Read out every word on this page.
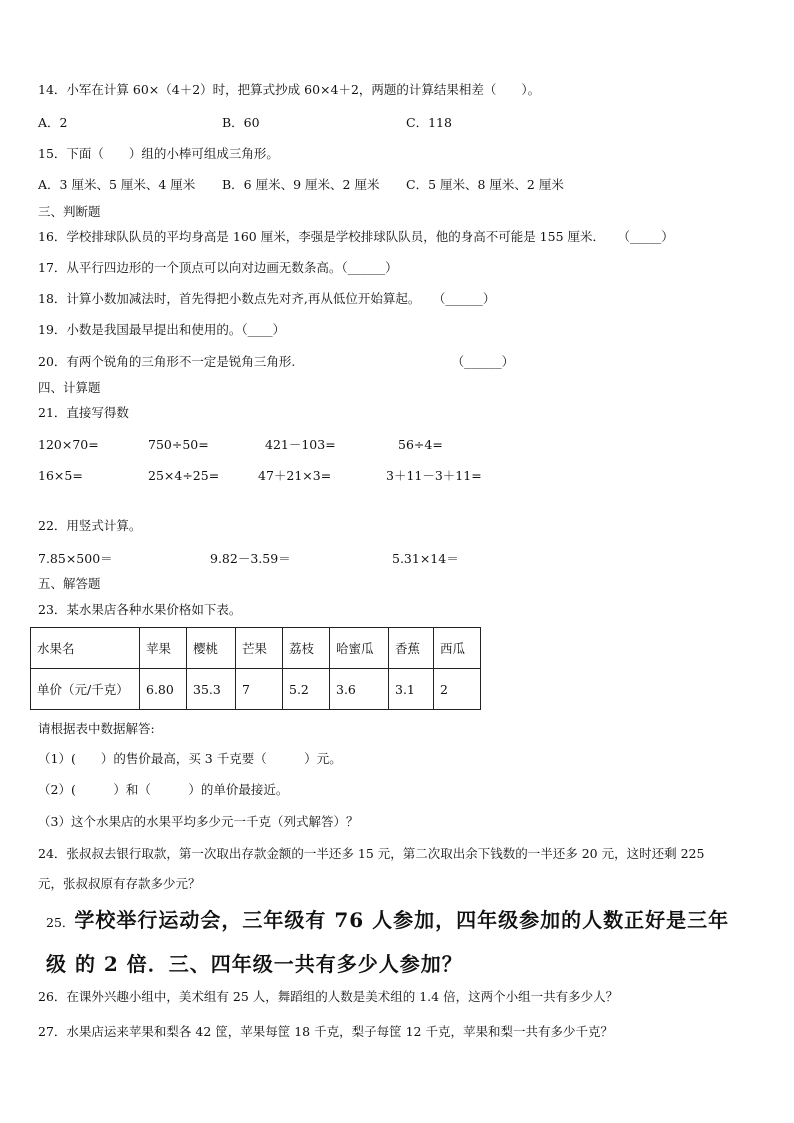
14．小军在计算 60×（4＋2）时，把算式抄成 60×4＋2，两题的计算结果相差（　　）。
A．2	B．60	C．118
15．下面（　　）组的小棒可组成三角形。
A．3 厘米、5 厘米、4 厘米 B．6 厘米、9 厘米、2 厘米 C．5 厘米、8 厘米、2 厘米
三、判断题
16．学校排球队队员的平均身高是 160 厘米，李强是学校排球队队员，他的身高不可能是 155 厘米．　　（_____）
17．从平行四边形的一个顶点可以向对边画无数条高。（______）
18．计算小数加减法时，首先得把小数点先对齐,再从低位开始算起。　　（______）
19．小数是我国最早提出和使用的。（____）
20．有两个锐角的三角形不一定是锐角三角形.　　　　　　　　　　　　　（______）
四、计算题
21．直接写得数
120×70=	750÷50=	421－103=	56÷4=
16×5=	25×4÷25=	47＋21×3=	3＋11－3＋11=
22．用竖式计算。
7.85×500＝	9.82－3.59＝	5.31×14＝
五、解答题
23．某水果店各种水果价格如下表。
水果名	苹果	樱桃	芒果	荔枝	哈蜜瓜	香蕉	西瓜
单价（元/千克）	6.80	35.3	7	5.2	3.6	3.1	2
请根据表中数据解答:
（1）(　　）的售价最高，买 3 千克要（　　　）元。
（2）(　　　）和（　　　）的单价最接近。
（3）这个水果店的水果平均多少元一千克（列式解答）？
24．张叔叔去银行取款，第一次取出存款金额的一半还多 15 元，第二次取出余下钱数的一半还多 20 元，这时还剩 225
元，张叔叔原有存款多少元？
25．学校举行运动会，三年级有 76 人参加，四年级参加的人数正好是三年
级 的 2 倍．三、四年级一共有多少人参加？
26．在课外兴趣小组中，美术组有 25 人，舞蹈组的人数是美术组的 1.4 倍，这两个小组一共有多少人？
27．水果店运来苹果和梨各 42 筐，苹果每筐 18 千克，梨子每筐 12 千克，苹果和梨一共有多少千克？
